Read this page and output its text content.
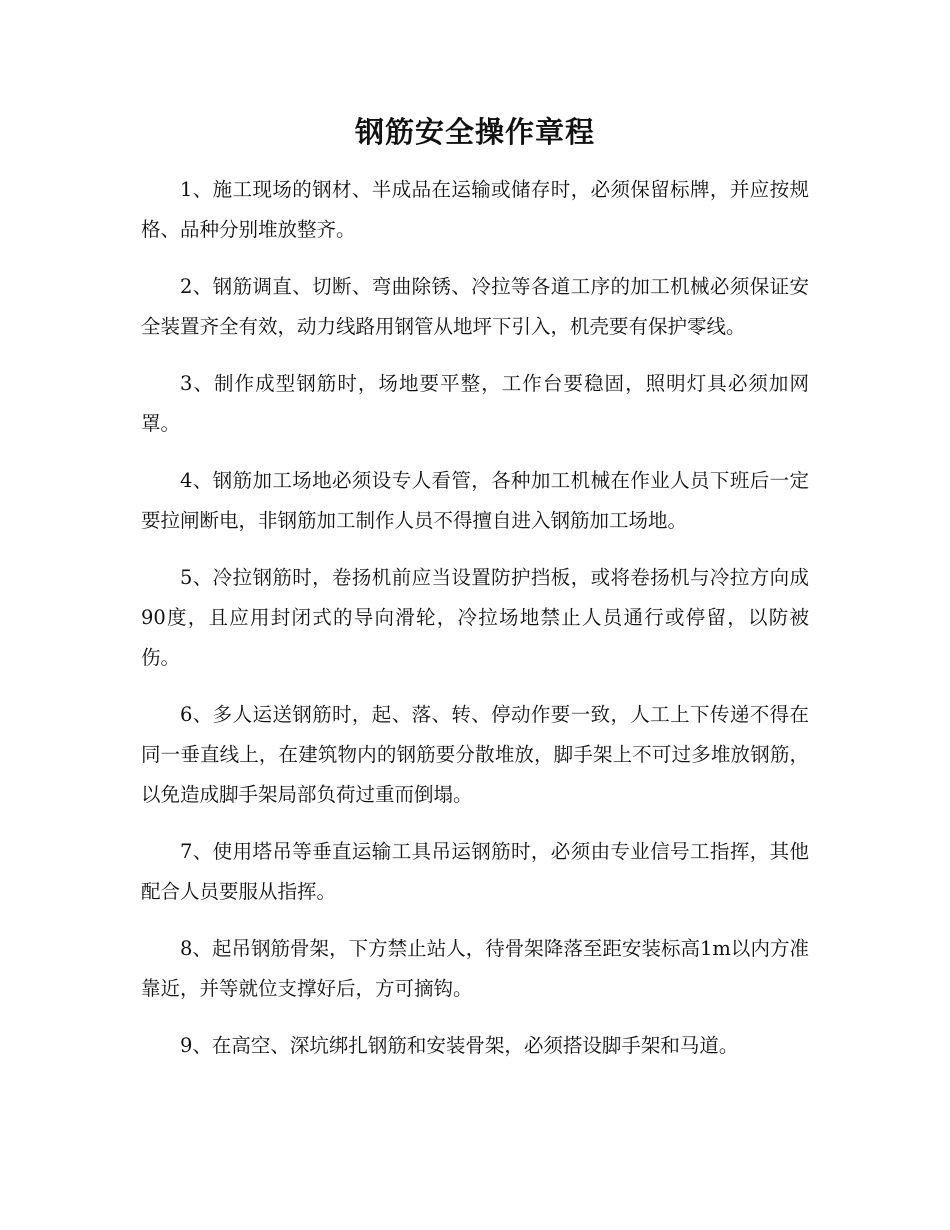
钢筋安全操作章程

1、施工现场的钢材、半成品在运输或储存时，必须保留标牌，并应按规格、品种分别堆放整齐。

2、钢筋调直、切断、弯曲除锈、冷拉等各道工序的加工机械必须保证安全装置齐全有效，动力线路用钢管从地坪下引入，机壳要有保护零线。

3、制作成型钢筋时，场地要平整，工作台要稳固，照明灯具必须加网罩。

4、钢筋加工场地必须设专人看管，各种加工机械在作业人员下班后一定要拉闸断电，非钢筋加工制作人员不得擅自进入钢筋加工场地。

5、冷拉钢筋时，卷扬机前应当设置防护挡板，或将卷扬机与冷拉方向成90度，且应用封闭式的导向滑轮，冷拉场地禁止人员通行或停留，以防被伤。

6、多人运送钢筋时，起、落、转、停动作要一致，人工上下传递不得在同一垂直线上，在建筑物内的钢筋要分散堆放，脚手架上不可过多堆放钢筋，以免造成脚手架局部负荷过重而倒塌。

7、使用塔吊等垂直运输工具吊运钢筋时，必须由专业信号工指挥，其他配合人员要服从指挥。

8、起吊钢筋骨架，下方禁止站人，待骨架降落至距安装标高1m以内方准靠近，并等就位支撑好后，方可摘钩。

9、在高空、深坑绑扎钢筋和安装骨架，必须搭设脚手架和马道。
